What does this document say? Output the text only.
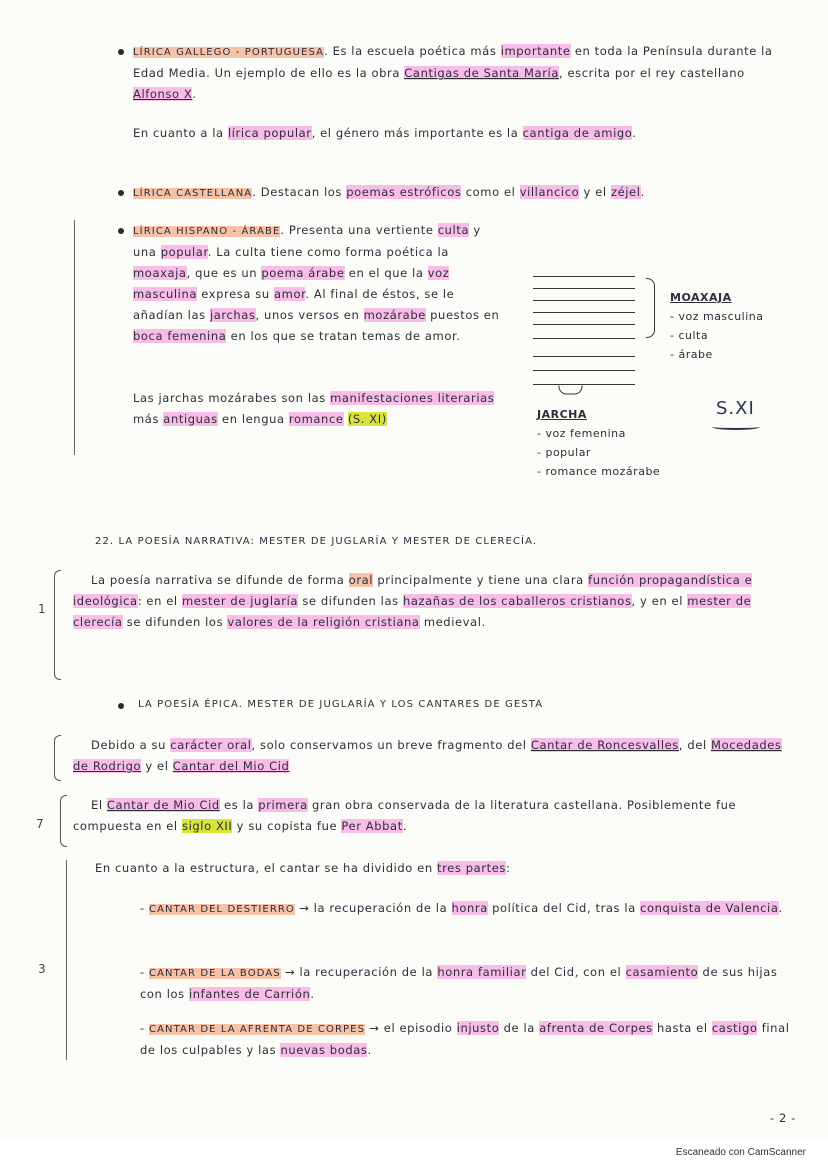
LÍRICA GALLEGO - PORTUGUESA. Es la escuela poética más importante en toda la Península durante la Edad Media. Un ejemplo de ello es la obra Cantigas de Santa María, escrita por el rey castellano Alfonso X.
En cuanto a la lírica popular, el género más importante es la cantiga de amigo.
LÍRICA CASTELLANA. Destacan los poemas estróficos como el villancico y el zéjel.
LÍRICA HISPANO - ÁRABE. Presenta una vertiente culta y una popular. La culta tiene como forma poética la moaxaja, que es un poema árabe en el que la voz masculina expresa su amor. Al final de éstos, se le añadían las jarchas, unos versos en mozárabe puestos en boca femenina en los que se tratan temas de amor.
Las jarchas mozárabes son las manifestaciones literarias más antiguas en lengua romance (S. XI)
MOAXAJA
- voz masculina
- culta
- árabe
JARCHA
- voz femenina
- popular
- romance mozárabe
S.XI
22. LA POESÍA NARRATIVA: MESTER DE JUGLARÍA Y MESTER DE CLERECÍA.
1
La poesía narrativa se difunde de forma oral principalmente y tiene una clara función propagandística e ideológica: en el mester de juglaría se difunden las hazañas de los caballeros cristianos, y en el mester de clerecía se difunden los valores de la religión cristiana medieval.
LA POESÍA ÉPICA. MESTER DE JUGLARÍA Y LOS CANTARES DE GESTA
Debido a su carácter oral, solo conservamos un breve fragmento del Cantar de Roncesvalles, del Mocedades de Rodrigo y el Cantar del Mio Cid
7
El Cantar de Mio Cid es la primera gran obra conservada de la literatura castellana. Posiblemente fue compuesta en el siglo XII y su copista fue Per Abbat.
3
En cuanto a la estructura, el cantar se ha dividido en tres partes:
- CANTAR DEL DESTIERRO → la recuperación de la honra política del Cid, tras la conquista de Valencia.
- CANTAR DE LA BODAS → la recuperación de la honra familiar del Cid, con el casamiento de sus hijas con los infantes de Carrión.
- CANTAR DE LA AFRENTA DE CORPES → el episodio injusto de la afrenta de Corpes hasta el castigo final de los culpables y las nuevas bodas.
- 2 -
Escaneado con CamScanner
